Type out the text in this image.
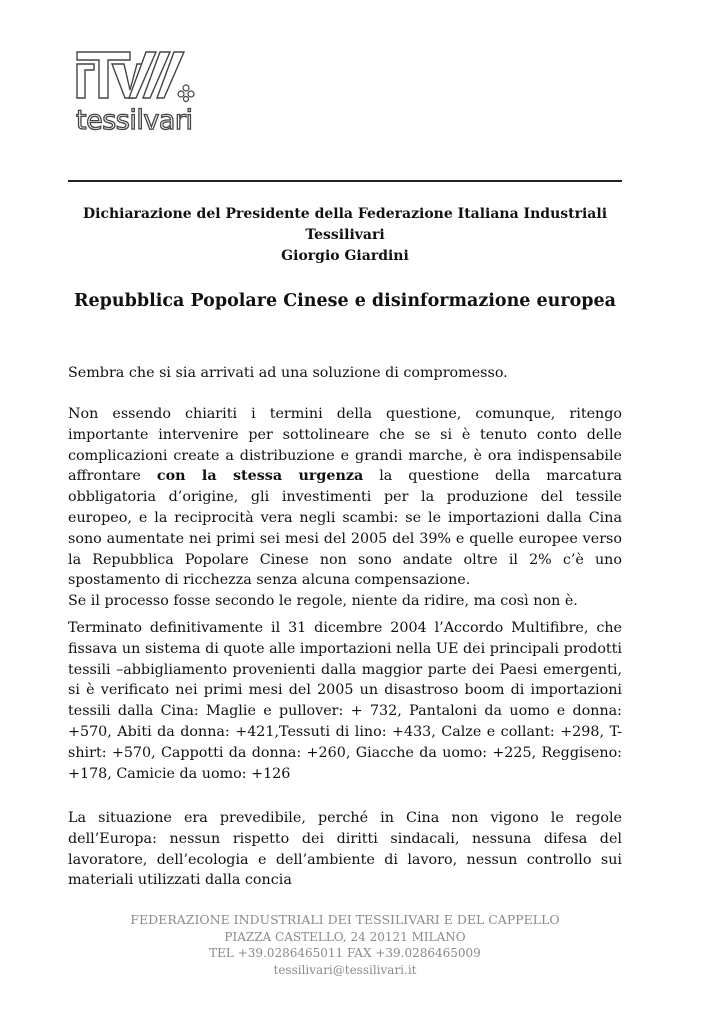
tessilvari
Dichiarazione del Presidente della Federazione Italiana Industriali
Tessilivari
Giorgio Giardini
Repubblica Popolare Cinese e disinformazione europea

Sembra che si sia arrivati ad una soluzione di compromesso.

Non essendo chiariti i termini della questione, comunque, ritengo importante intervenire per sottolineare che se si è tenuto conto delle complicazioni create a distribuzione e grandi marche, è ora indispensabile affrontare con la stessa urgenza la questione della marcatura obbligatoria d’origine, gli investimenti per la produzione del tessile europeo, e la reciprocità vera negli scambi: se le importazioni dalla Cina sono aumentate nei primi sei mesi del 2005 del 39% e quelle europee verso la Repubblica Popolare Cinese non sono andate oltre il 2% c’è uno spostamento di ricchezza senza alcuna compensazione.

Se il processo fosse secondo le regole, niente da ridire, ma così non è.

Terminato definitivamente il 31 dicembre 2004 l’Accordo Multifibre, che fissava un sistema di quote alle importazioni nella UE dei principali prodotti tessili –abbigliamento provenienti dalla maggior parte dei Paesi emergenti, si è verificato nei primi mesi del 2005 un disastroso boom di importazioni tessili dalla Cina: Maglie e pullover: + 732, Pantaloni da uomo e donna: +570, Abiti da donna: +421,Tessuti di lino: +433, Calze e collant: +298, T-shirt: +570, Cappotti da donna: +260, Giacche da uomo: +225, Reggiseno: +178, Camicie da uomo: +126

La situazione era prevedibile, perché in Cina non vigono le regole dell’Europa: nessun rispetto dei diritti sindacali, nessuna difesa del lavoratore, dell’ecologia e dell’ambiente di lavoro, nessun controllo sui materiali utilizzati dalla concia

FEDERAZIONE INDUSTRIALI DEI TESSILIVARI E DEL CAPPELLO
PIAZZA CASTELLO, 24 20121 MILANO
TEL +39.0286465011 FAX +39.0286465009
tessilivari@tessilivari.it
